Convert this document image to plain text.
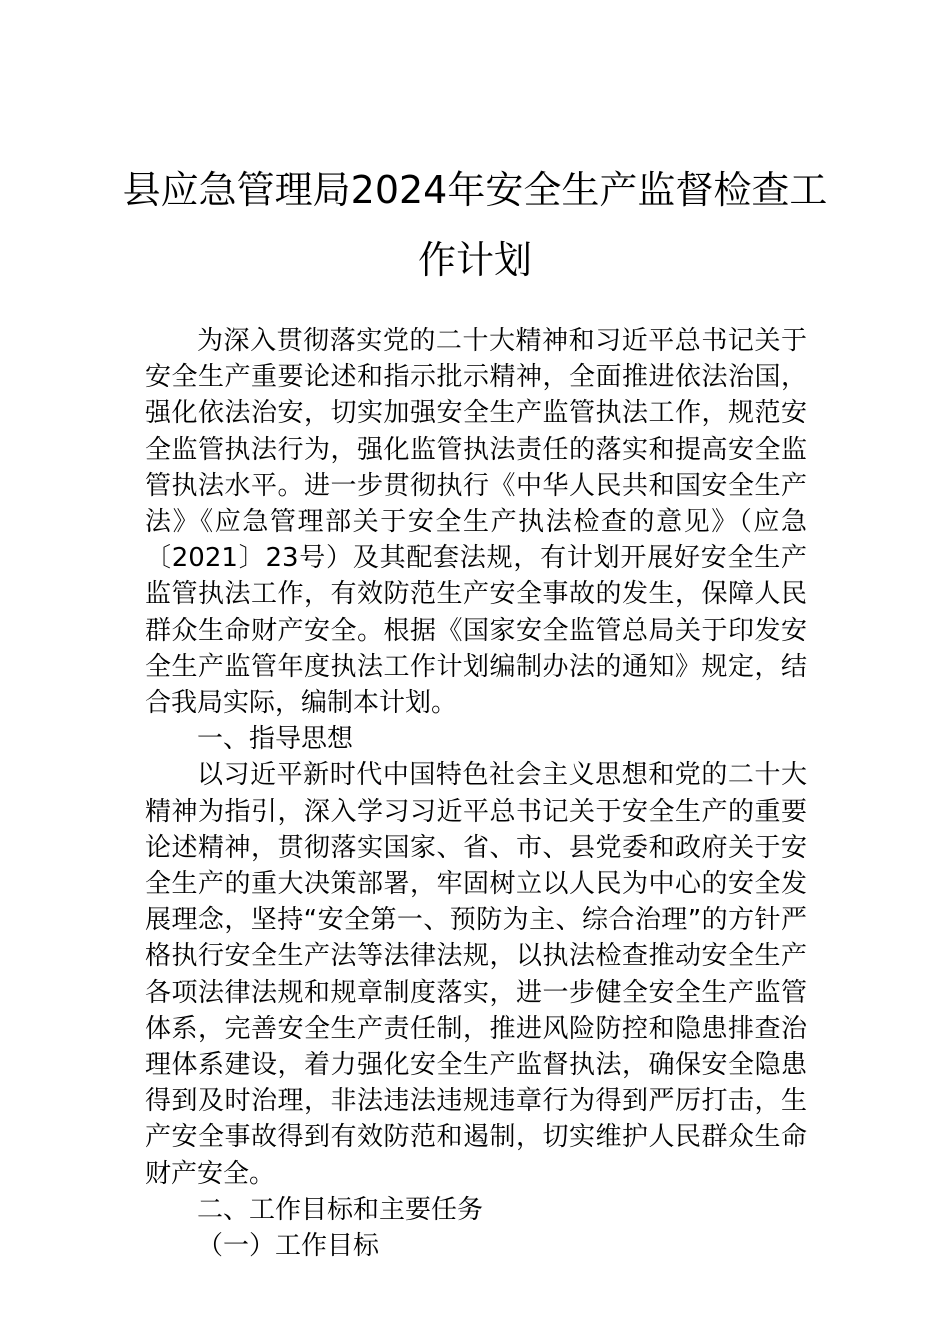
县应急管理局2024年安全生产监督检查工
作计划

为深入贯彻落实党的二十大精神和习近平总书记关于安全生产重要论述和指示批示精神，全面推进依法治国，强化依法治安，切实加强安全生产监管执法工作，规范安全监管执法行为，强化监管执法责任的落实和提高安全监管执法水平。进一步贯彻执行《中华人民共和国安全生产法》《应急管理部关于安全生产执法检查的意见》（应急〔2021〕23号）及其配套法规，有计划开展好安全生产监管执法工作，有效防范生产安全事故的发生，保障人民群众生命财产安全。根据《国家安全监管总局关于印发安全生产监管年度执法工作计划编制办法的通知》规定，结合我局实际，编制本计划。

一、指导思想

以习近平新时代中国特色社会主义思想和党的二十大精神为指引，深入学习习近平总书记关于安全生产的重要论述精神，贯彻落实国家、省、市、县党委和政府关于安全生产的重大决策部署，牢固树立以人民为中心的安全发展理念，坚持“安全第一、预防为主、综合治理”的方针严格执行安全生产法等法律法规，以执法检查推动安全生产各项法律法规和规章制度落实，进一步健全安全生产监管体系，完善安全生产责任制，推进风险防控和隐患排查治理体系建设，着力强化安全生产监督执法，确保安全隐患得到及时治理，非法违法违规违章行为得到严厉打击，生产安全事故得到有效防范和遏制，切实维护人民群众生命财产安全。

二、工作目标和主要任务

（一）工作目标
